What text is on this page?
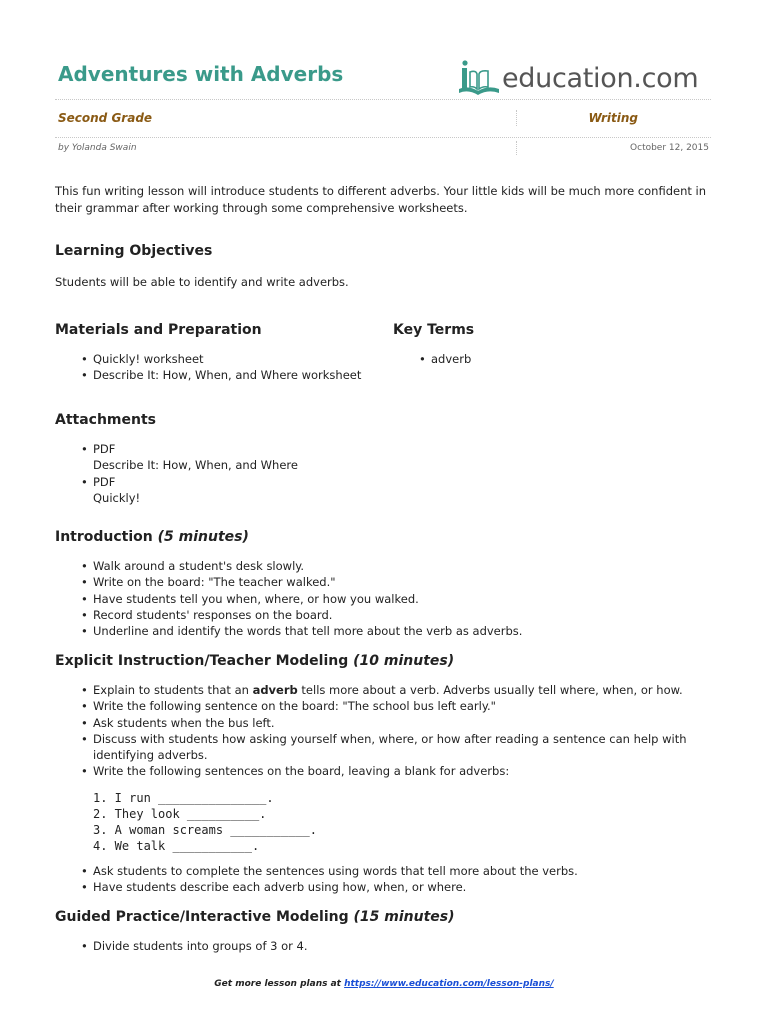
Adventures with Adverbs	education.com
Second Grade	Writing
by Yolanda Swain	October 12, 2015

This fun writing lesson will introduce students to different adverbs. Your little kids will be much more confident in their grammar after working through some comprehensive worksheets.

Learning Objectives

Students will be able to identify and write adverbs.

Materials and Preparation
• Quickly! worksheet
• Describe It: How, When, and Where worksheet
Key Terms
• adverb
Attachments
• PDF
Describe It: How, When, and Where
• PDF
Quickly!
Introduction (5 minutes)
• Walk around a student's desk slowly.
• Write on the board: "The teacher walked."
• Have students tell you when, where, or how you walked.
• Record students' responses on the board.
• Underline and identify the words that tell more about the verb as adverbs.
Explicit Instruction/Teacher Modeling (10 minutes)
• Explain to students that an adverb tells more about a verb. Adverbs usually tell where, when, or how.
• Write the following sentence on the board: "The school bus left early."
• Ask students when the bus left.
• Discuss with students how asking yourself when, where, or how after reading a sentence can help with identifying adverbs.
• Write the following sentences on the board, leaving a blank for adverbs:
1. I run _______________.
2. They look __________.
3. A woman screams ___________.
4. We talk ___________.
• Ask students to complete the sentences using words that tell more about the verbs.
• Have students describe each adverb using how, when, or where.
Guided Practice/Interactive Modeling (15 minutes)
• Divide students into groups of 3 or 4.
Get more lesson plans at https://www.education.com/lesson-plans/
